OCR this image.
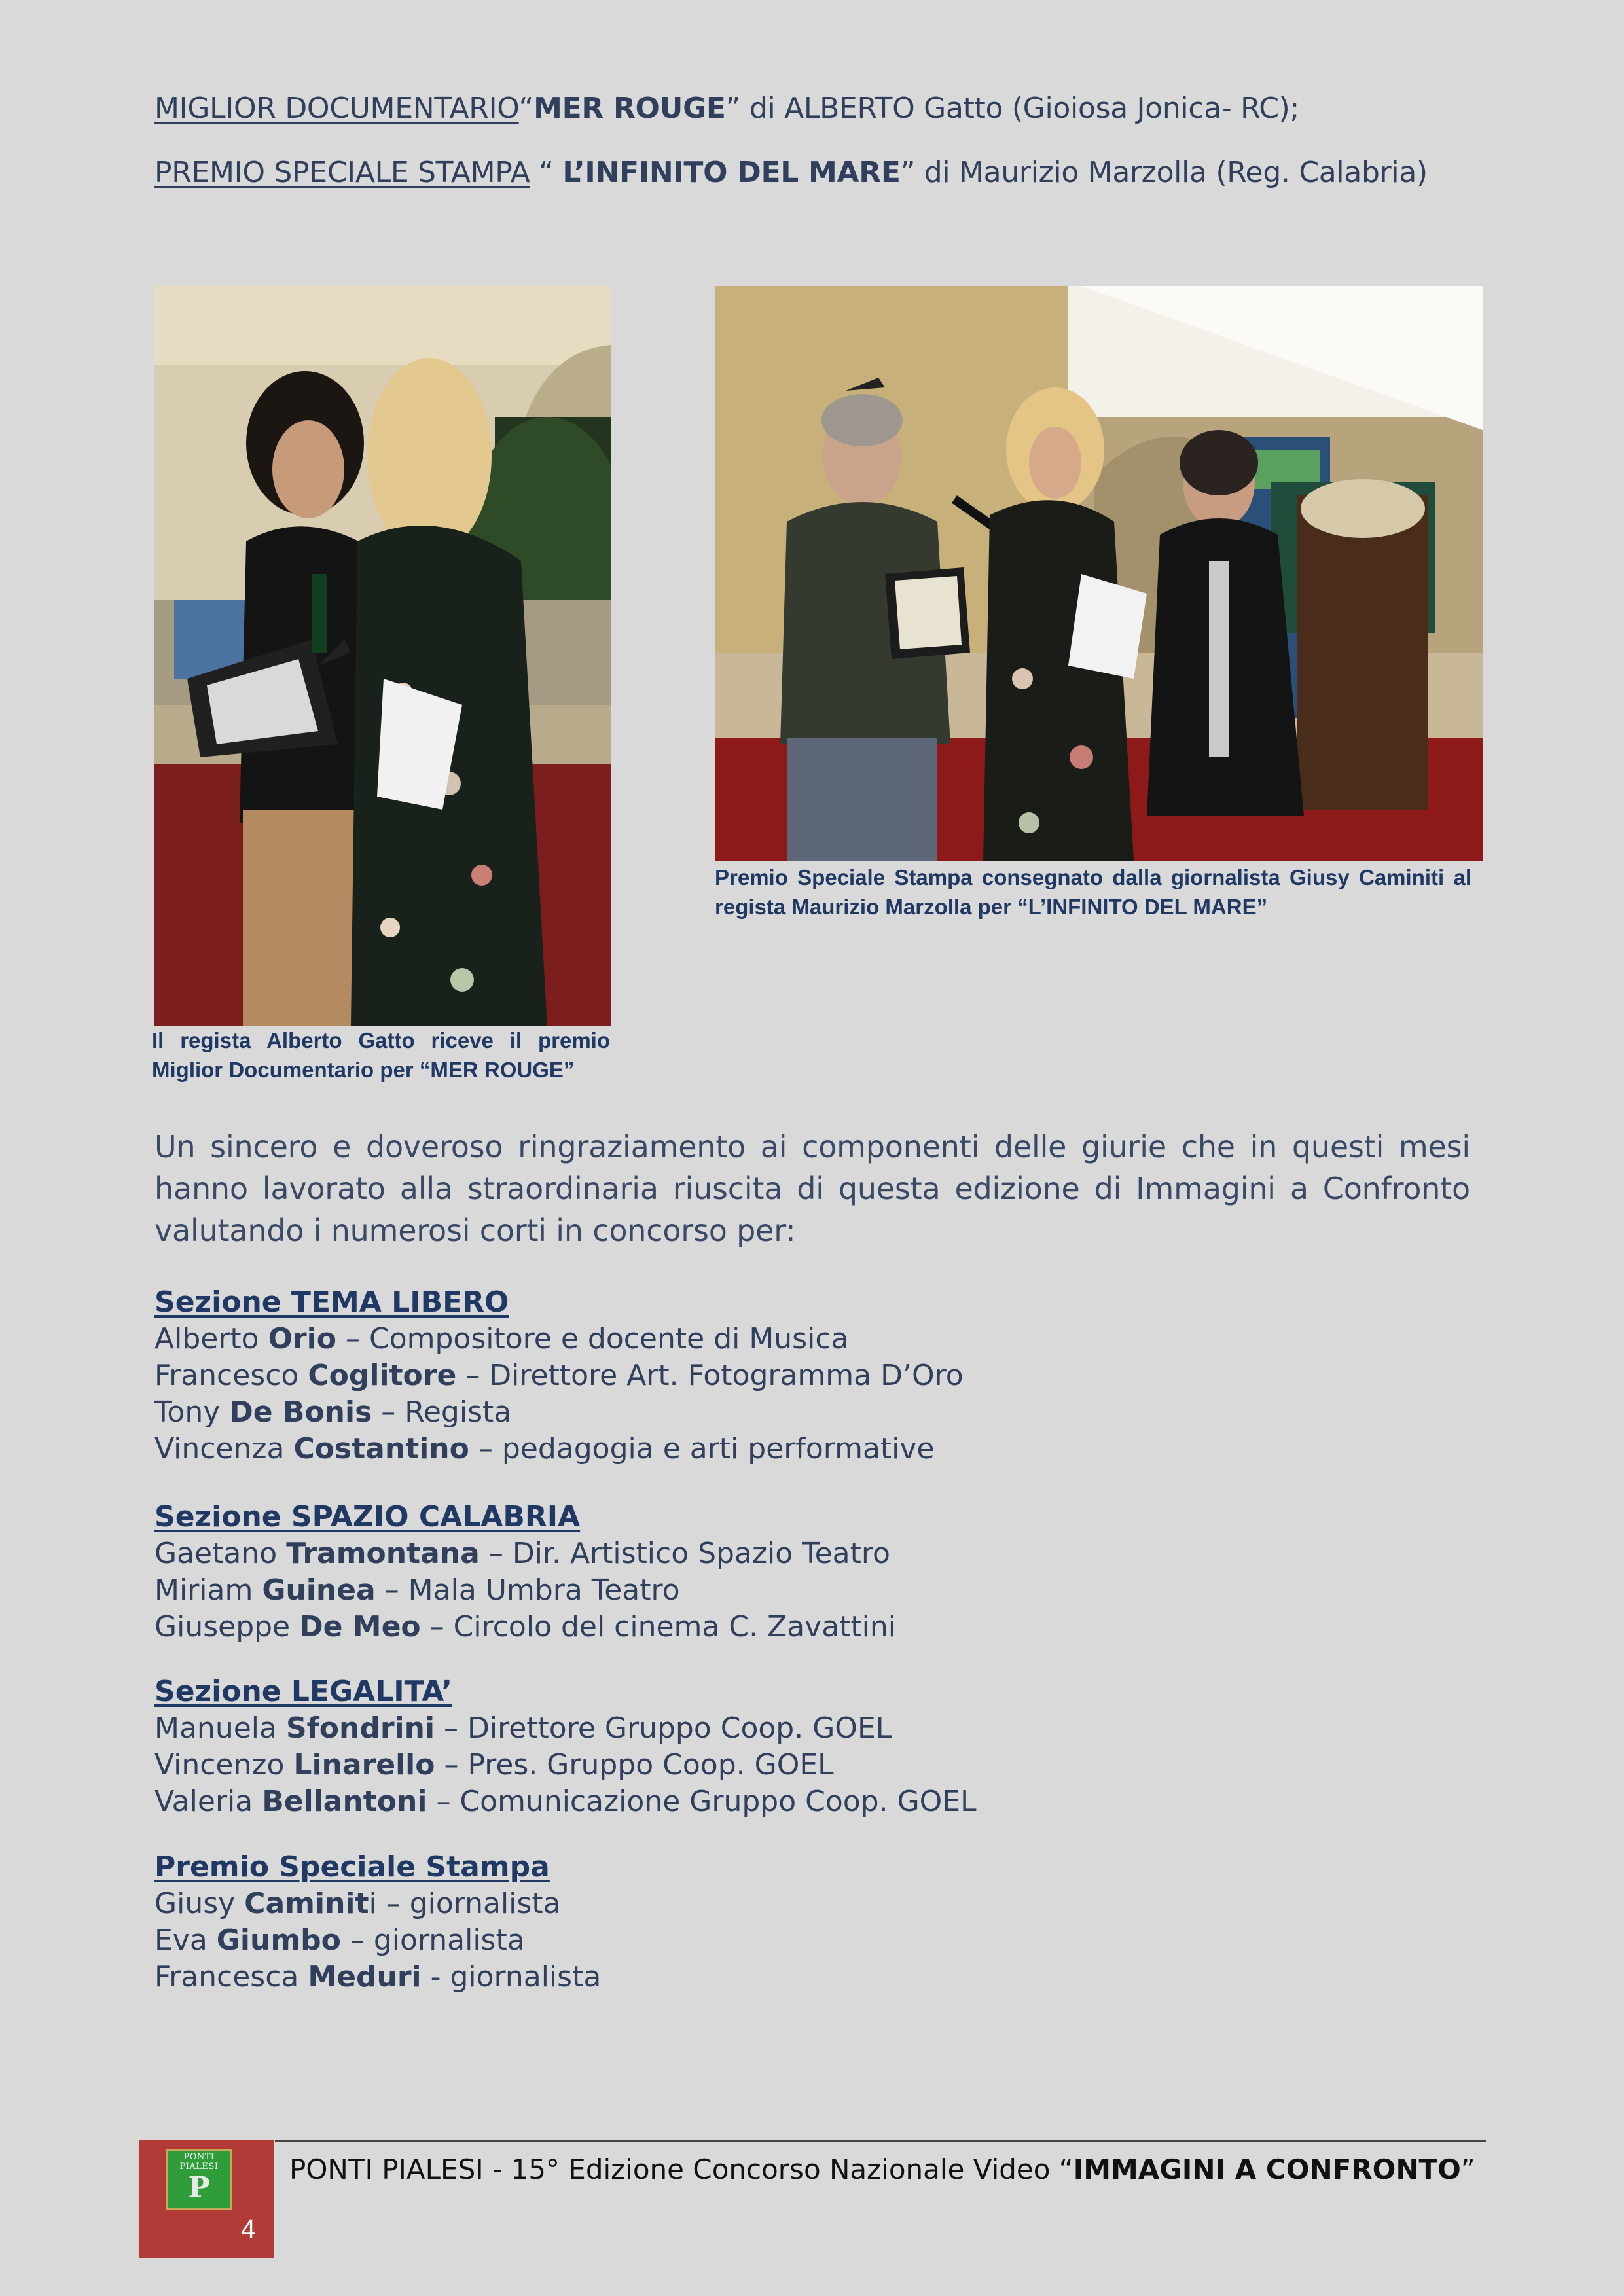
MIGLIOR DOCUMENTARIO“MER ROUGE” di ALBERTO Gatto (Gioiosa Jonica- RC);
PREMIO SPECIALE STAMPA “ L’INFINITO DEL MARE” di Maurizio Marzolla (Reg. Calabria)
Il regista Alberto Gatto riceve il premio
Miglior Documentario per “MER ROUGE”
Premio Speciale Stampa consegnato dalla giornalista Giusy Caminiti al
regista Maurizio Marzolla per “L’INFINITO DEL MARE”
Un sincero e doveroso ringraziamento ai componenti delle giurie che in questi mesi hanno lavorato alla straordinaria riuscita di questa edizione di Immagini a Confronto valutando i numerosi corti in concorso per:
Sezione TEMA LIBERO
Alberto Orio – Compositore e docente di Musica
Francesco Coglitore – Direttore Art. Fotogramma D’Oro
Tony De Bonis – Regista
Vincenza Costantino – pedagogia e arti performative
Sezione SPAZIO CALABRIA
Gaetano Tramontana – Dir. Artistico Spazio Teatro
Miriam Guinea – Mala Umbra Teatro
Giuseppe De Meo – Circolo del cinema C. Zavattini
Sezione LEGALITA’
Manuela Sfondrini – Direttore Gruppo Coop. GOEL
Vincenzo Linarello – Pres. Gruppo Coop. GOEL
Valeria Bellantoni – Comunicazione Gruppo Coop. GOEL
Premio Speciale Stampa
Giusy Caminiti – giornalista
Eva Giumbo – giornalista
Francesca Meduri - giornalista
PONTI PIALESI
P
4
PONTI PIALESI - 15° Edizione Concorso Nazionale Video “IMMAGINI A CONFRONTO”
